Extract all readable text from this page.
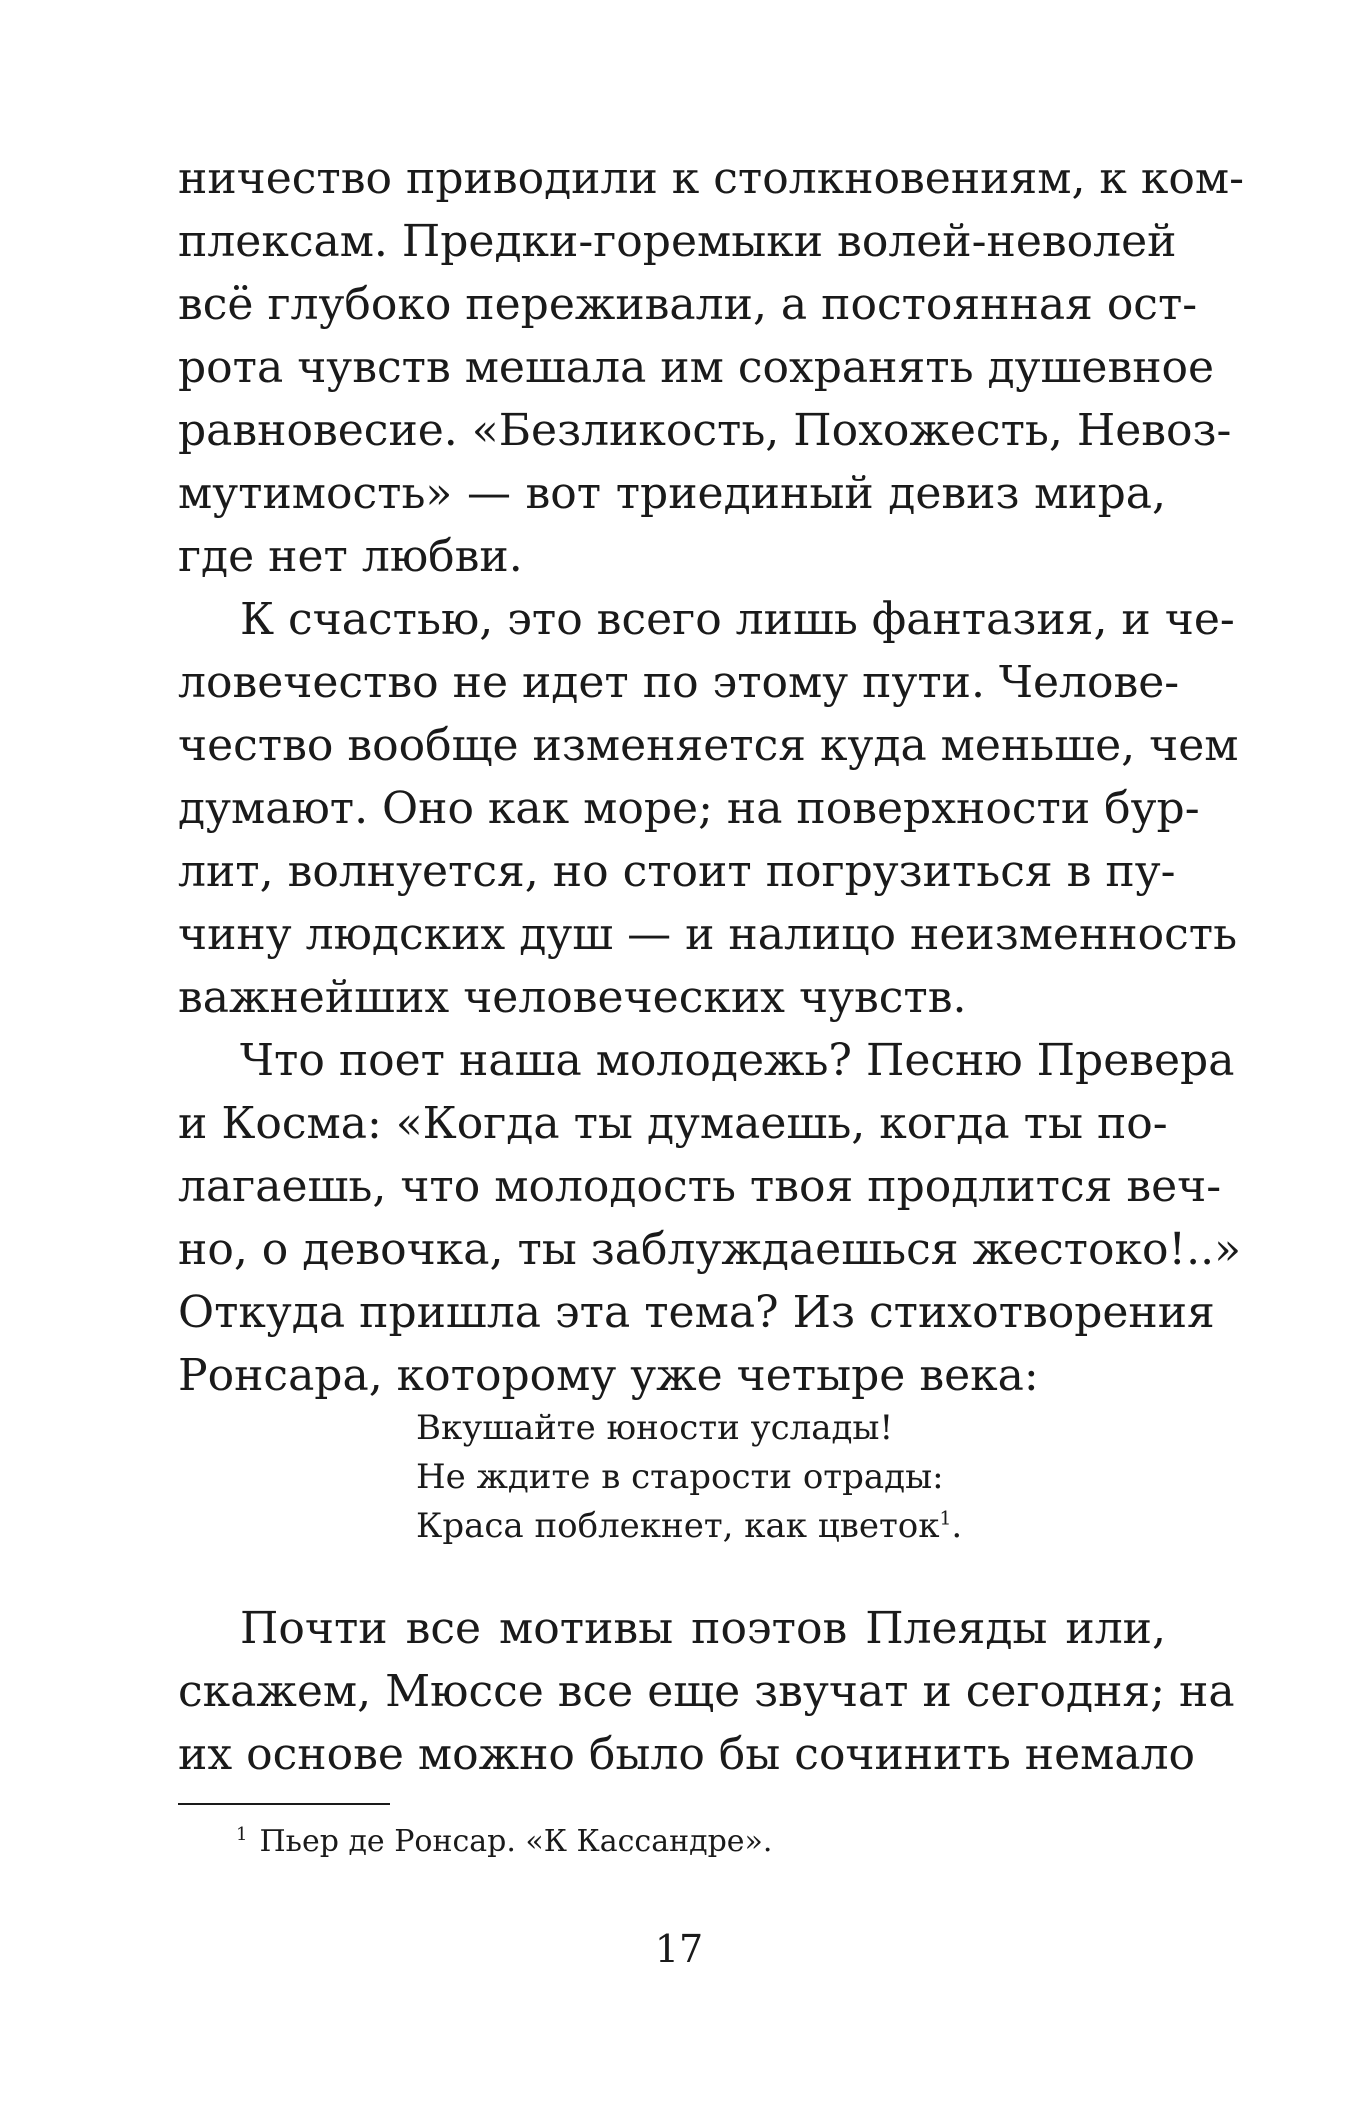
ничество приводили к столкновениям, к ком-
плексам. Предки-горемыки волей-неволей
всё глубоко переживали, а постоянная ост-
рота чувств мешала им сохранять душевное
равновесие. «Безликость, Похожесть, Невоз-
мутимость» — вот триединый девиз мира,
где нет любви.
К счастью, это всего лишь фантазия, и че-
ловечество не идет по этому пути. Челове-
чество вообще изменяется куда меньше, чем
думают. Оно как море; на поверхности бур-
лит, волнуется, но стоит погрузиться в пу-
чину людских душ — и налицо неизменность
важнейших человеческих чувств.
Что поет наша молодежь? Песню Превера
и Косма: «Когда ты думаешь, когда ты по-
лагаешь, что молодость твоя продлится веч-
но, о девочка, ты заблуждаешься жестоко!..»
Откуда пришла эта тема? Из стихотворения
Ронсара, которому уже четыре века:
Вкушайте юности услады!
Не ждите в старости отрады:
Краса поблекнет, как цветок$^1$.
Почти все мотивы поэтов Плеяды или,
скажем, Мюссе все еще звучат и сегодня; на
их основе можно было бы сочинить немало
$^1$ Пьер де Ронсар. «К Кассандре».
17
